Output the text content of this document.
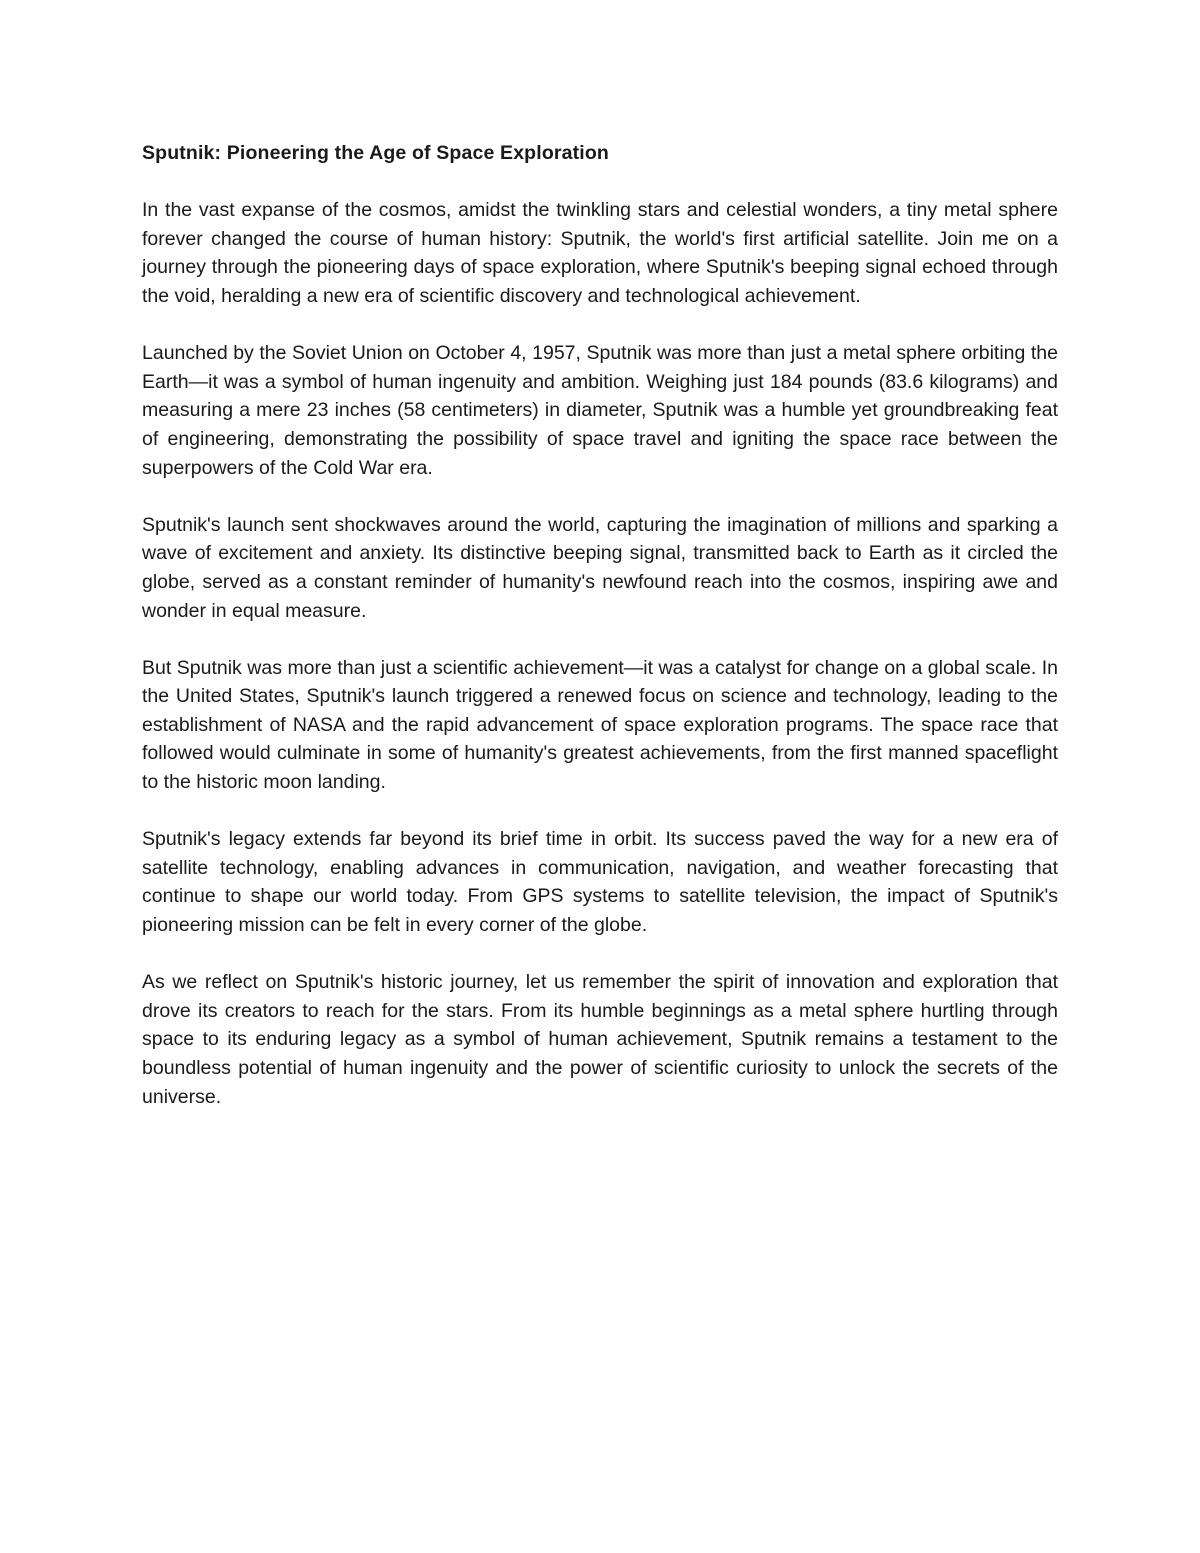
Sputnik: Pioneering the Age of Space Exploration

In the vast expanse of the cosmos, amidst the twinkling stars and celestial wonders, a tiny metal sphere forever changed the course of human history: Sputnik, the world's first artificial satellite. Join me on a journey through the pioneering days of space exploration, where Sputnik's beeping signal echoed through the void, heralding a new era of scientific discovery and technological achievement.

Launched by the Soviet Union on October 4, 1957, Sputnik was more than just a metal sphere orbiting the Earth—it was a symbol of human ingenuity and ambition. Weighing just 184 pounds (83.6 kilograms) and measuring a mere 23 inches (58 centimeters) in diameter, Sputnik was a humble yet groundbreaking feat of engineering, demonstrating the possibility of space travel and igniting the space race between the superpowers of the Cold War era.

Sputnik's launch sent shockwaves around the world, capturing the imagination of millions and sparking a wave of excitement and anxiety. Its distinctive beeping signal, transmitted back to Earth as it circled the globe, served as a constant reminder of humanity's newfound reach into the cosmos, inspiring awe and wonder in equal measure.

But Sputnik was more than just a scientific achievement—it was a catalyst for change on a global scale. In the United States, Sputnik's launch triggered a renewed focus on science and technology, leading to the establishment of NASA and the rapid advancement of space exploration programs. The space race that followed would culminate in some of humanity's greatest achievements, from the first manned spaceflight to the historic moon landing.

Sputnik's legacy extends far beyond its brief time in orbit. Its success paved the way for a new era of satellite technology, enabling advances in communication, navigation, and weather forecasting that continue to shape our world today. From GPS systems to satellite television, the impact of Sputnik's pioneering mission can be felt in every corner of the globe.

As we reflect on Sputnik's historic journey, let us remember the spirit of innovation and exploration that drove its creators to reach for the stars. From its humble beginnings as a metal sphere hurtling through space to its enduring legacy as a symbol of human achievement, Sputnik remains a testament to the boundless potential of human ingenuity and the power of scientific curiosity to unlock the secrets of the universe.
